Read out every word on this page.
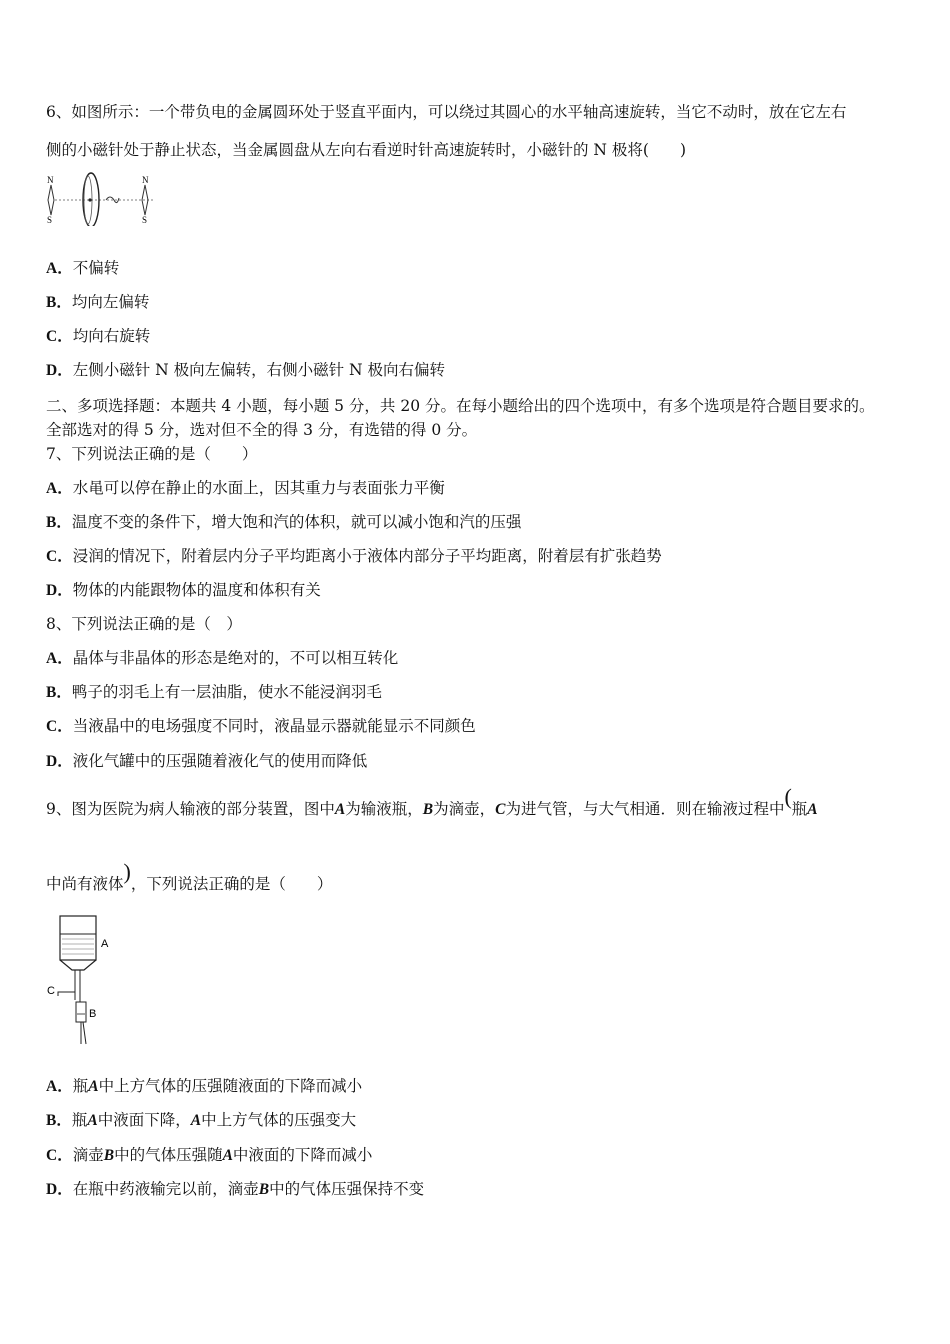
6、如图所示：一个带负电的金属圆环处于竖直平面内，可以绕过其圆心的水平轴高速旋转，当它不动时，放在它左右
侧的小磁针处于静止状态，当金属圆盘从左向右看逆时针高速旋转时，小磁针的 N 极将(　　)
N
S
N
S
A．不偏转
B．均向左偏转
C．均向右旋转
D．左侧小磁针 N 极向左偏转，右侧小磁针 N 极向右偏转
二、多项选择题：本题共 4 小题，每小题 5 分，共 20 分。在每小题给出的四个选项中，有多个选项是符合题目要求的。
全部选对的得 5 分，选对但不全的得 3 分，有选错的得 0 分。
7、下列说法正确的是（　　）
A．水黾可以停在静止的水面上，因其重力与表面张力平衡
B．温度不变的条件下，增大饱和汽的体积，就可以减小饱和汽的压强
C．浸润的情况下，附着层内分子平均距离小于液体内部分子平均距离，附着层有扩张趋势
D．物体的内能跟物体的温度和体积有关
8、下列说法正确的是（　）
A．晶体与非晶体的形态是绝对的，不可以相互转化
B．鸭子的羽毛上有一层油脂，使水不能浸润羽毛
C．当液晶中的电场强度不同时，液晶显示器就能显示不同颜色
D．液化气罐中的压强随着液化气的使用而降低
9、图为医院为病人输液的部分装置，图中A为输液瓶，B为滴壶，C为进气管，与大气相通．则在输液过程中(瓶A
中尚有液体)，下列说法正确的是（　　）
A
C
B
A．瓶A中上方气体的压强随液面的下降而减小
B．瓶A中液面下降，A中上方气体的压强变大
C．滴壶B中的气体压强随A中液面的下降而减小
D．在瓶中药液输完以前，滴壶B中的气体压强保持不变
